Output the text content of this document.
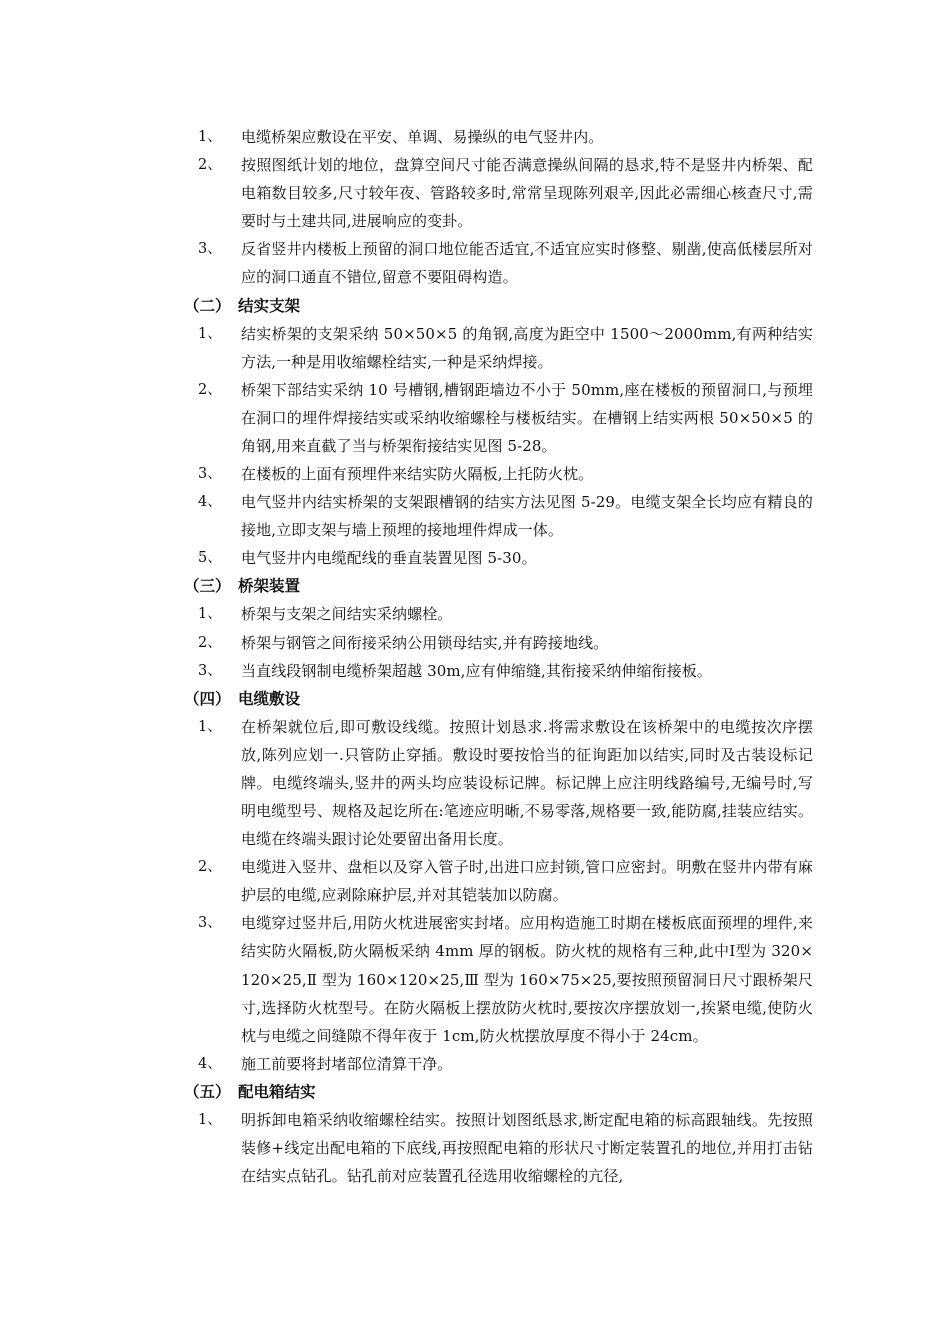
1、 电缆桥架应敷设在平安、单调、易操纵的电气竖井内。
2、 按照图纸计划的地位，盘算空间尺寸能否满意操纵间隔的恳求,特不是竖井内桥架、配电箱数目较多,尺寸较年夜、管路较多时,常常呈现陈列艰辛,因此必需细心核查尺寸,需要时与土建共同,进展响应的变卦。
3、 反省竖井内楼板上预留的洞口地位能否适宜,不适宜应实时修整、剔凿,使高低楼层所对应的洞口通直不错位,留意不要阻碍构造。
（二） 结实支架
1、 结实桥架的支架采纳 50×50×5 的角钢,高度为距空中 1500～2000mm,有两种结实方法,一种是用收缩螺栓结实,一种是采纳焊接。
2、 桥架下部结实采纳 10 号槽钢,槽钢距墙边不小于 50mm,座在楼板的预留洞口,与预埋在洞口的埋件焊接结实或采纳收缩螺栓与楼板结实。在槽钢上结实两根 50×50×5 的角钢,用来直截了当与桥架衔接结实见图 5-28。
3、 在楼板的上面有预埋件来结实防火隔板,上托防火枕。
4、 电气竖井内结实桥架的支架跟槽钢的结实方法见图 5-29。电缆支架全长均应有精良的接地,立即支架与墙上预埋的接地埋件焊成一体。
5、 电气竖井内电缆配线的垂直装置见图 5-30。
（三） 桥架装置
1、 桥架与支架之间结实采纳螺栓。
2、 桥架与钢管之间衔接采纳公用锁母结实,并有跨接地线。
3、 当直线段钢制电缆桥架超越 30m,应有伸缩缝,其衔接采纳伸缩衔接板。
（四） 电缆敷设
1、 在桥架就位后,即可敷设线缆。按照计划恳求.将需求敷设在该桥架中的电缆按次序摆放,陈列应划一.只管防止穿插。敷设时要按恰当的征询距加以结实,同时及古装设标记牌。电缆终端头,竖井的两头均应装设标记牌。标记牌上应注明线路编号,无编号时,写明电缆型号、规格及起讫所在:笔迹应明晰,不易零落,规格要一致,能防腐,挂装应结实。电缆在终端头跟讨论处要留出备用长度。
2、 电缆进入竖井、盘柜以及穿入管子时,出进口应封锁,管口应密封。明敷在竖井内带有麻护层的电缆,应剥除麻护层,并对其铠装加以防腐。
3、 电缆穿过竖井后,用防火枕进展密实封堵。应用构造施工时期在楼板底面预埋的埋件,来结实防火隔板,防火隔板采纳 4mm 厚的钢板。防火枕的规格有三种,此中Ⅰ型为 320×120×25,Ⅱ 型为 160×120×25,Ⅲ 型为 160×75×25,要按照预留洞日尺寸跟桥架尺寸,选择防火枕型号。在防火隔板上摆放防火枕时,要按次序摆放划一,挨紧电缆,使防火枕与电缆之间缝隙不得年夜于 1cm,防火枕摆放厚度不得小于 24cm。
4、 施工前要将封堵部位清算干净。
（五） 配电箱结实
1、 明拆卸电箱采纳收缩螺栓结实。按照计划图纸恳求,断定配电箱的标高跟轴线。先按照装修+线定出配电箱的下底线,再按照配电箱的形状尺寸断定装置孔的地位,并用打击钻在结实点钻孔。钻孔前对应装置孔径选用收缩螺栓的亢径,
